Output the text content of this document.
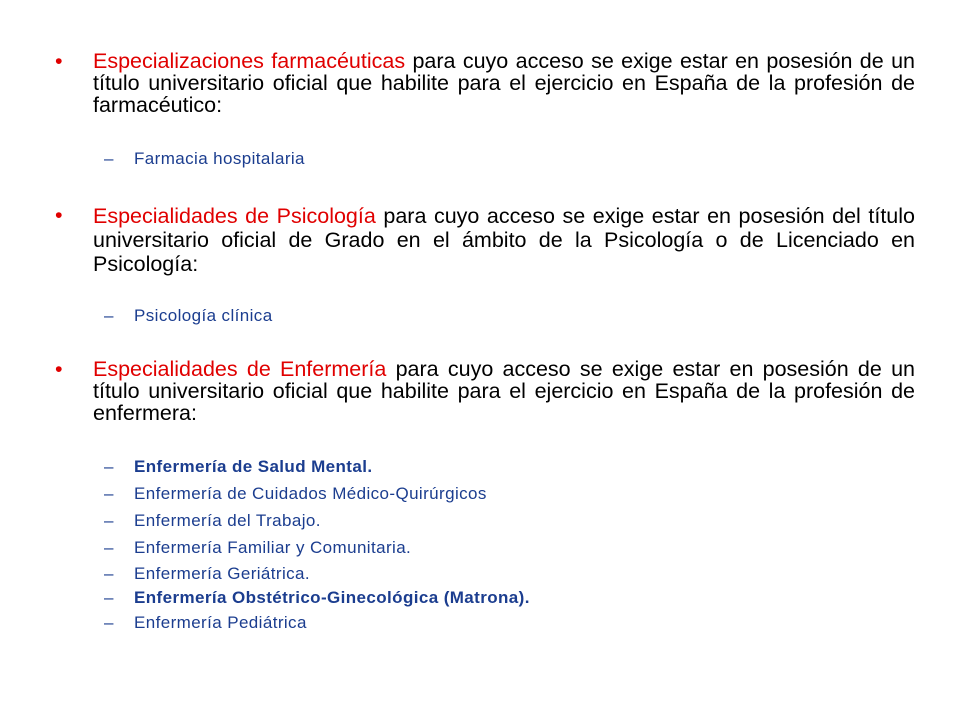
•	Especializaciones farmacéuticas para cuyo acceso se exige estar en posesión de un título universitario oficial que habilite para el ejercicio en España de la profesión de farmacéutico:
– Farmacia hospitalaria
•	Especialidades de Psicología para cuyo acceso se exige estar en posesión del título universitario oficial de Grado en el ámbito de la Psicología o de Licenciado en Psicología:
– Psicología clínica
•	Especialidades de Enfermería para cuyo acceso se exige estar en posesión de un título universitario oficial que habilite para el ejercicio en España de la profesión de enfermera:
– Enfermería de Salud Mental.
– Enfermería de Cuidados Médico-Quirúrgicos
– Enfermería del Trabajo.
– Enfermería Familiar y Comunitaria.
– Enfermería Geriátrica.
– Enfermería Obstétrico-Ginecológica (Matrona).
– Enfermería Pediátrica
